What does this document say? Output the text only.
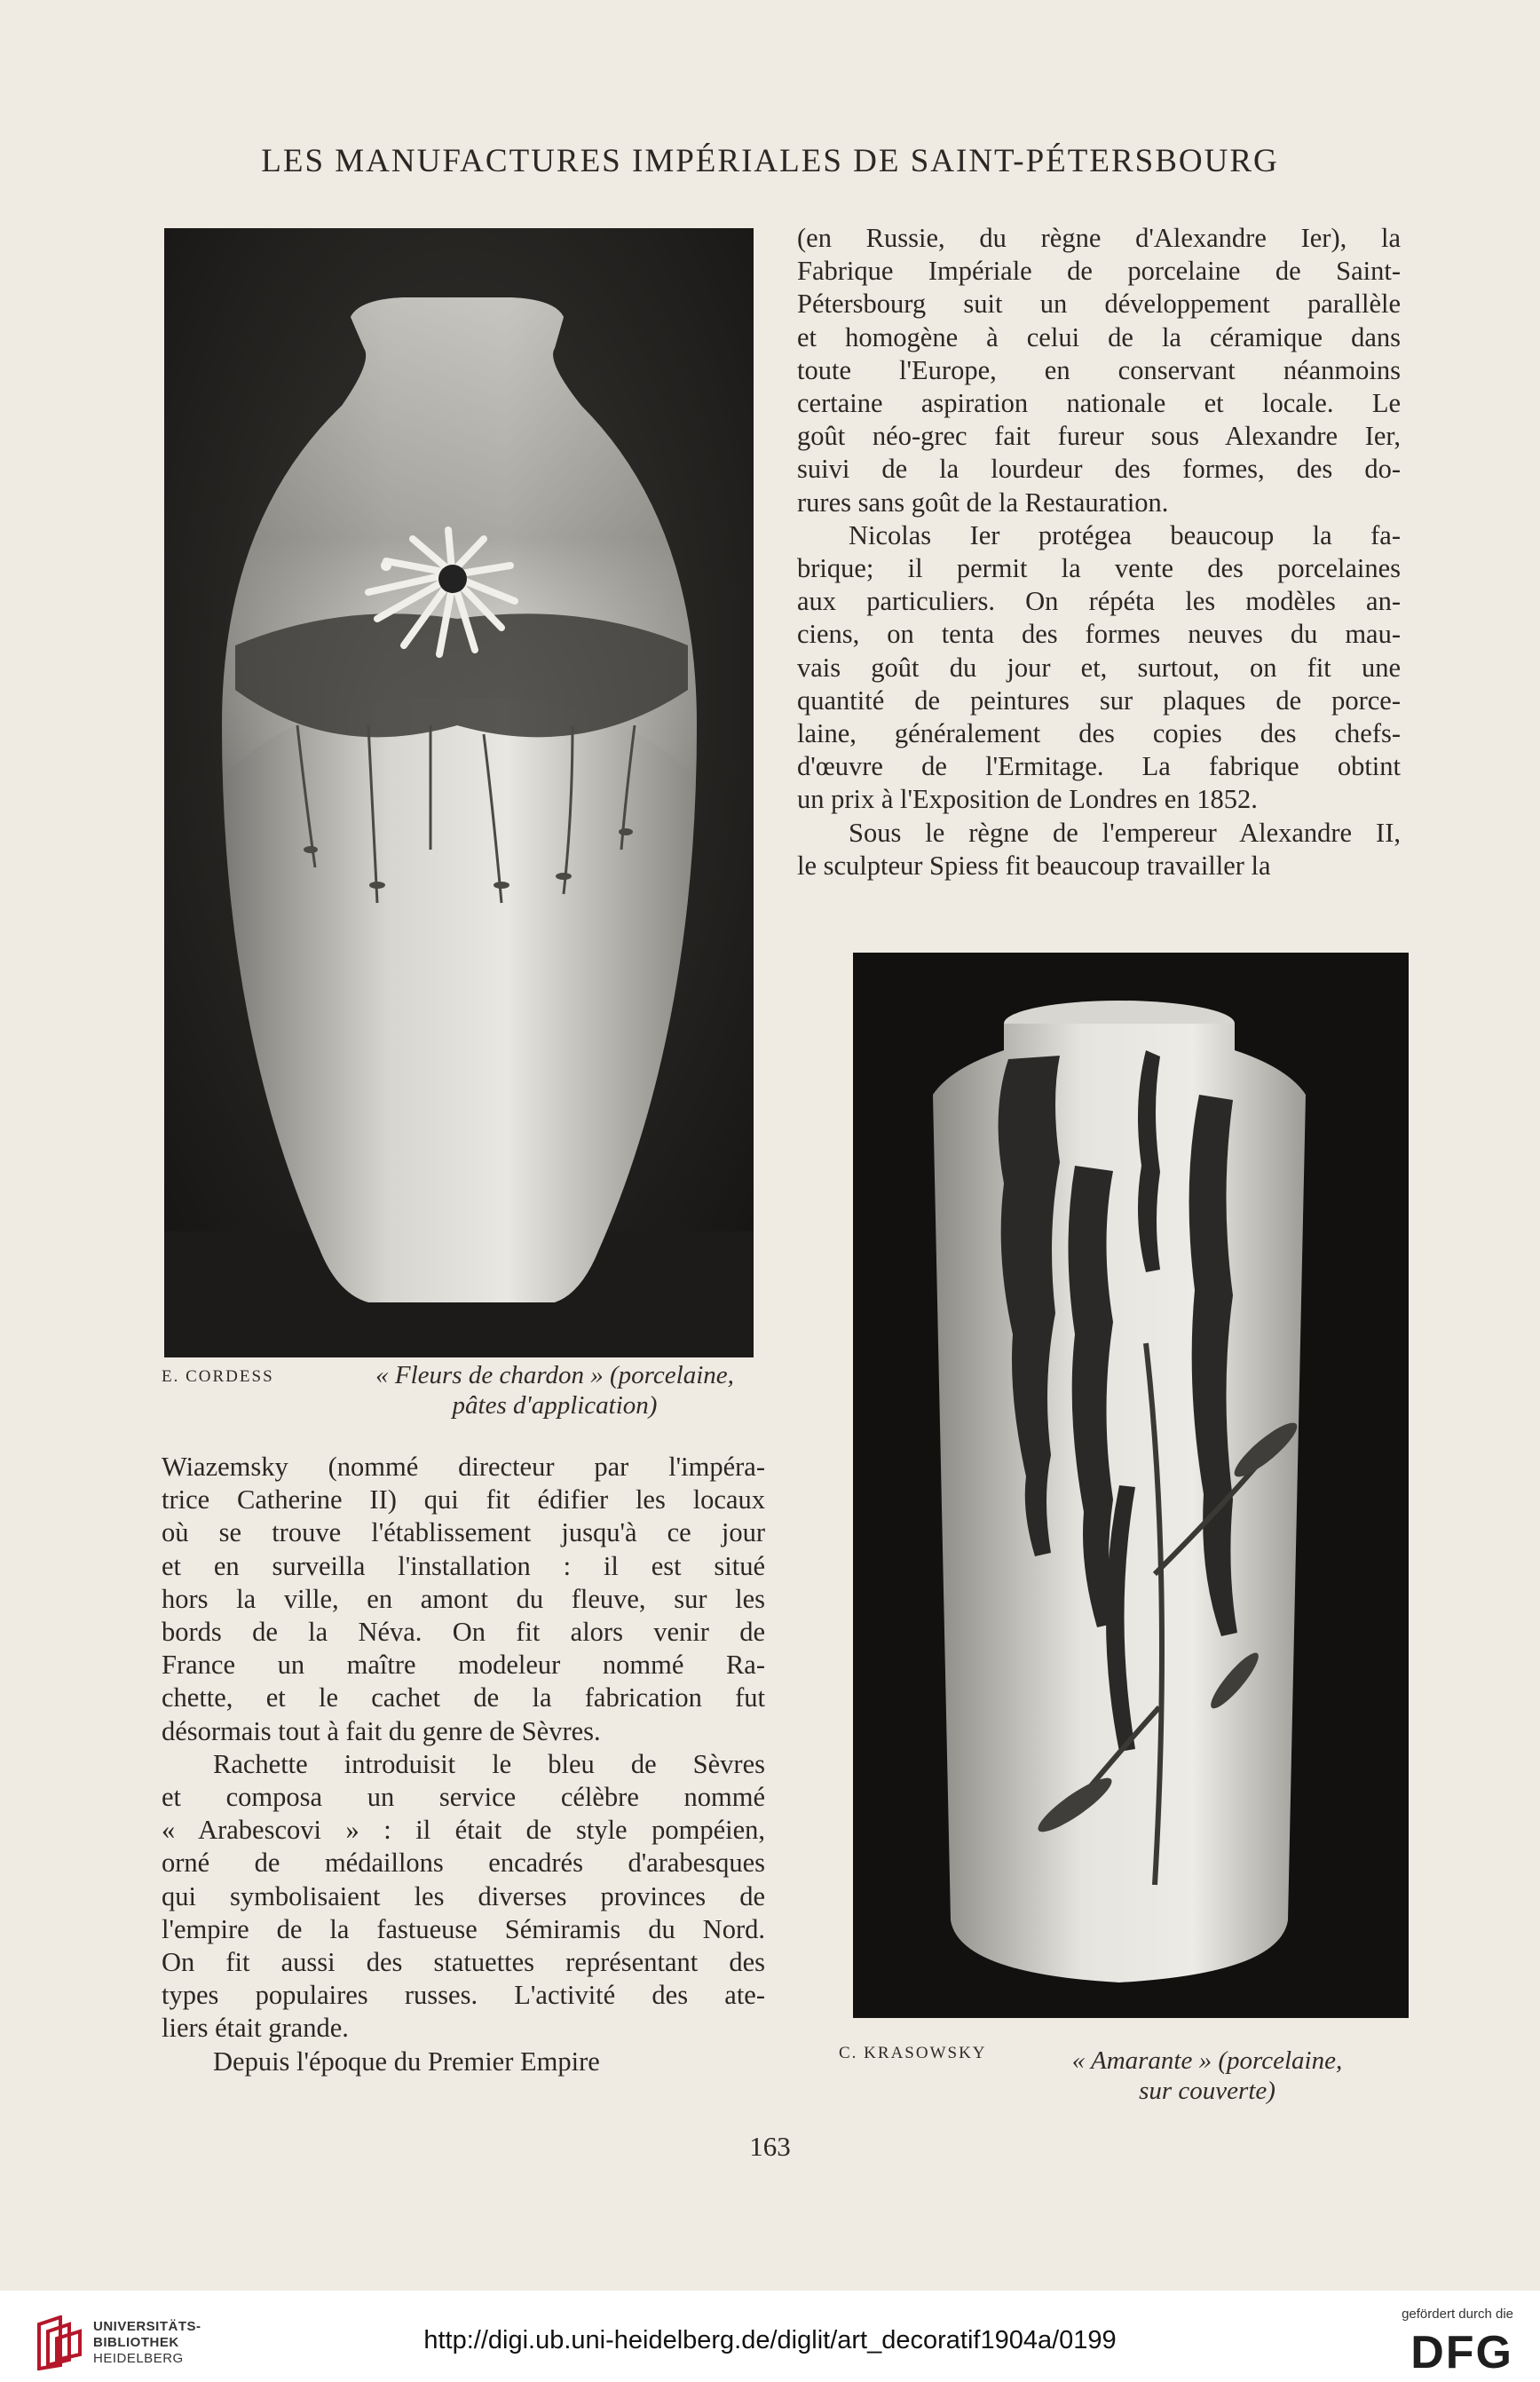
LES MANUFACTURES IMPÉRIALES DE SAINT-PÉTERSBOURG
E. CORDESS	« Fleurs de chardon » (porcelaine,
pâtes d'application)
(en Russie, du règne d'Alexandre Ier), la
Fabrique Impériale de porcelaine de Saint-
Pétersbourg suit un développement parallèle
et homogène à celui de la céramique dans
toute l'Europe, en conservant néanmoins
certaine aspiration nationale et locale. Le
goût néo-grec fait fureur sous Alexandre Ier,
suivi de la lourdeur des formes, des do-
rures sans goût de la Restauration.
Nicolas Ier protégea beaucoup la fa-
brique; il permit la vente des porcelaines
aux particuliers. On répéta les modèles an-
ciens, on tenta des formes neuves du mau-
vais goût du jour et, surtout, on fit une
quantité de peintures sur plaques de porce-
laine, généralement des copies des chefs-
d'œuvre de l'Ermitage. La fabrique obtint
un prix à l'Exposition de Londres en 1852.
Sous le règne de l'empereur Alexandre II,
le sculpteur Spiess fit beaucoup travailler la
C. KRASOWSKY	« Amarante » (porcelaine,
sur couverte)
Wiazemsky (nommé directeur par l'impéra-
trice Catherine II) qui fit édifier les locaux
où se trouve l'établissement jusqu'à ce jour
et en surveilla l'installation : il est situé
hors la ville, en amont du fleuve, sur les
bords de la Néva. On fit alors venir de
France un maître modeleur nommé Ra-
chette, et le cachet de la fabrication fut
désormais tout à fait du genre de Sèvres.
Rachette introduisit le bleu de Sèvres
et composa un service célèbre nommé
« Arabescovi » : il était de style pompéien,
orné de médaillons encadrés d'arabesques
qui symbolisaient les diverses provinces de
l'empire de la fastueuse Sémiramis du Nord.
On fit aussi des statuettes représentant des
types populaires russes. L'activité des ate-
liers était grande.
Depuis l'époque du Premier Empire
163
UNIVERSITÄTS-
BIBLIOTHEK
HEIDELBERG
http://digi.ub.uni-heidelberg.de/diglit/art_decoratif1904a/0199
gefördert durch die
DFG
